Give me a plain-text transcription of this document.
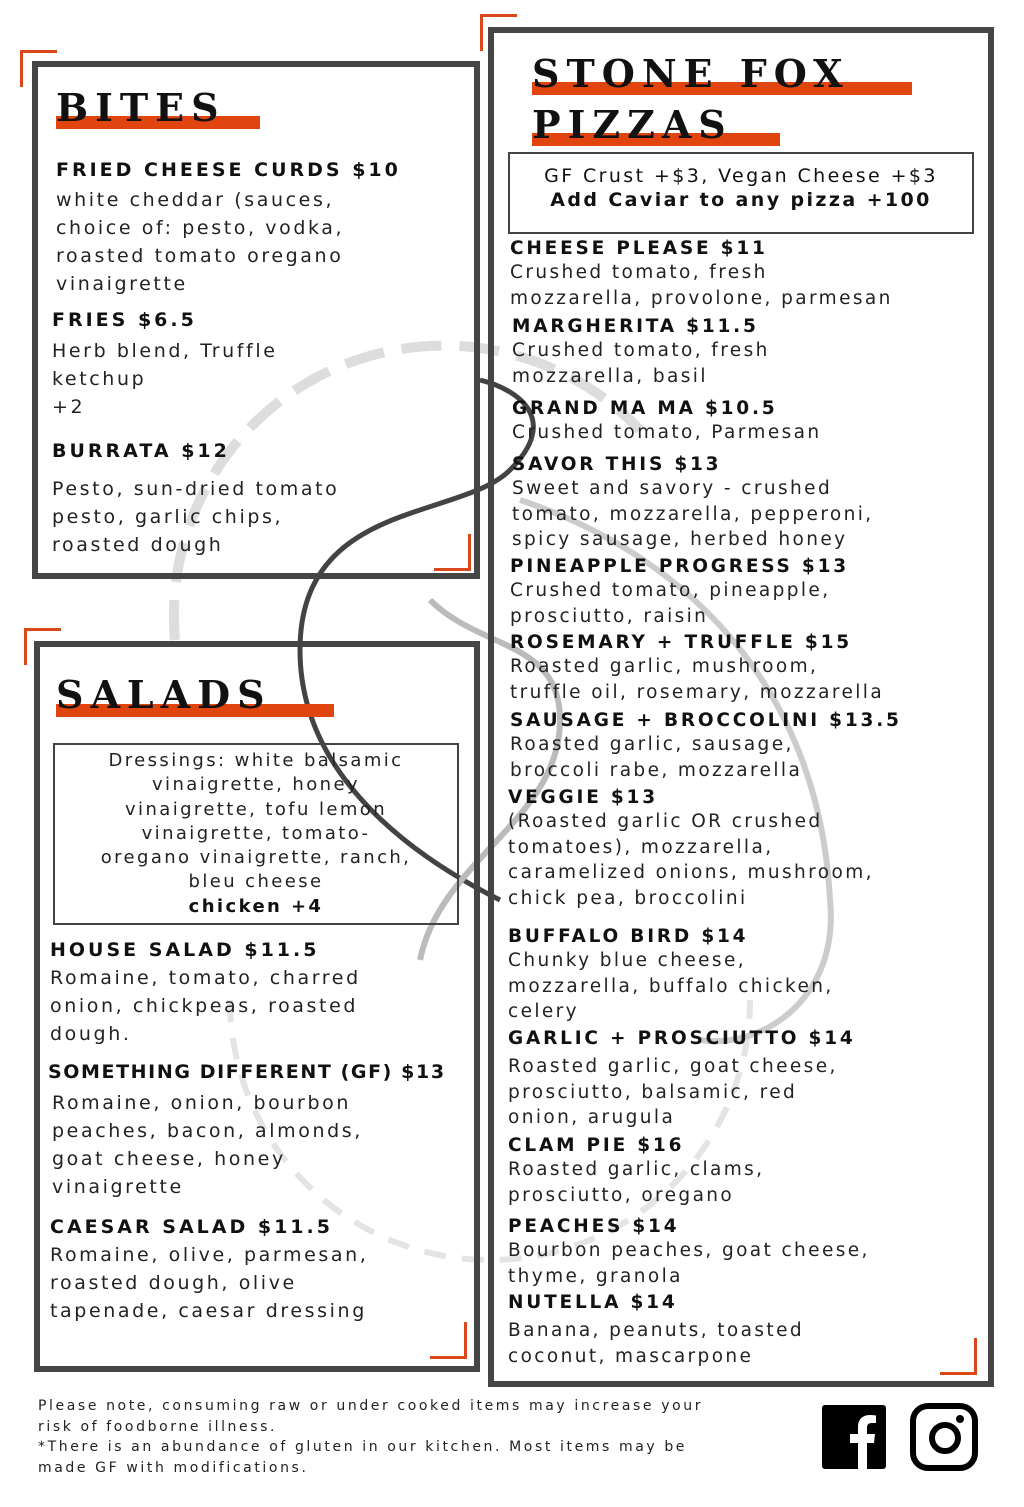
BITES
FRIED CHEESE CURDS $10
white cheddar (sauces,
choice of: pesto, vodka,
roasted tomato oregano
vinaigrette
FRIES $6.5
Herb blend, Truffle
ketchup
+2
BURRATA $12
Pesto, sun-dried tomato
pesto, garlic chips,
roasted dough
SALADS
Dressings: white balsamic
vinaigrette, honey
vinaigrette, tofu lemon
vinaigrette, tomato-
oregano vinaigrette, ranch,
bleu cheese
chicken +4
HOUSE SALAD $11.5
Romaine, tomato, charred
onion, chickpeas, roasted
dough.
SOMETHING DIFFERENT (GF) $13
Romaine, onion, bourbon
peaches, bacon, almonds,
goat cheese, honey
vinaigrette
CAESAR SALAD $11.5
Romaine, olive, parmesan,
roasted dough, olive
tapenade, caesar dressing
STONE FOX
PIZZAS
GF Crust +$3, Vegan Cheese +$3
Add Caviar to any pizza +100
CHEESE PLEASE $11
Crushed tomato, fresh
mozzarella, provolone, parmesan
MARGHERITA $11.5
Crushed tomato, fresh
mozzarella, basil
GRAND MA MA $10.5
Crushed tomato, Parmesan
SAVOR THIS $13
Sweet and savory - crushed
tomato, mozzarella, pepperoni,
spicy sausage, herbed honey
PINEAPPLE PROGRESS $13
Crushed tomato, pineapple,
prosciutto, raisin
ROSEMARY + TRUFFLE $15
Roasted garlic, mushroom,
truffle oil, rosemary, mozzarella
SAUSAGE + BROCCOLINI $13.5
Roasted garlic, sausage,
broccoli rabe, mozzarella
VEGGIE $13
(Roasted garlic OR crushed
tomatoes), mozzarella,
caramelized onions, mushroom,
chick pea, broccolini
BUFFALO BIRD $14
Chunky blue cheese,
mozzarella, buffalo chicken,
celery
GARLIC + PROSCIUTTO $14
Roasted garlic, goat cheese,
prosciutto, balsamic, red
onion, arugula
CLAM PIE $16
Roasted garlic, clams,
prosciutto, oregano
PEACHES $14
Bourbon peaches, goat cheese,
thyme, granola
NUTELLA $14
Banana, peanuts, toasted
coconut, mascarpone
Please note, consuming raw or under cooked items may increase your
risk of foodborne illness.
*There is an abundance of gluten in our kitchen. Most items may be
made GF with modifications.
